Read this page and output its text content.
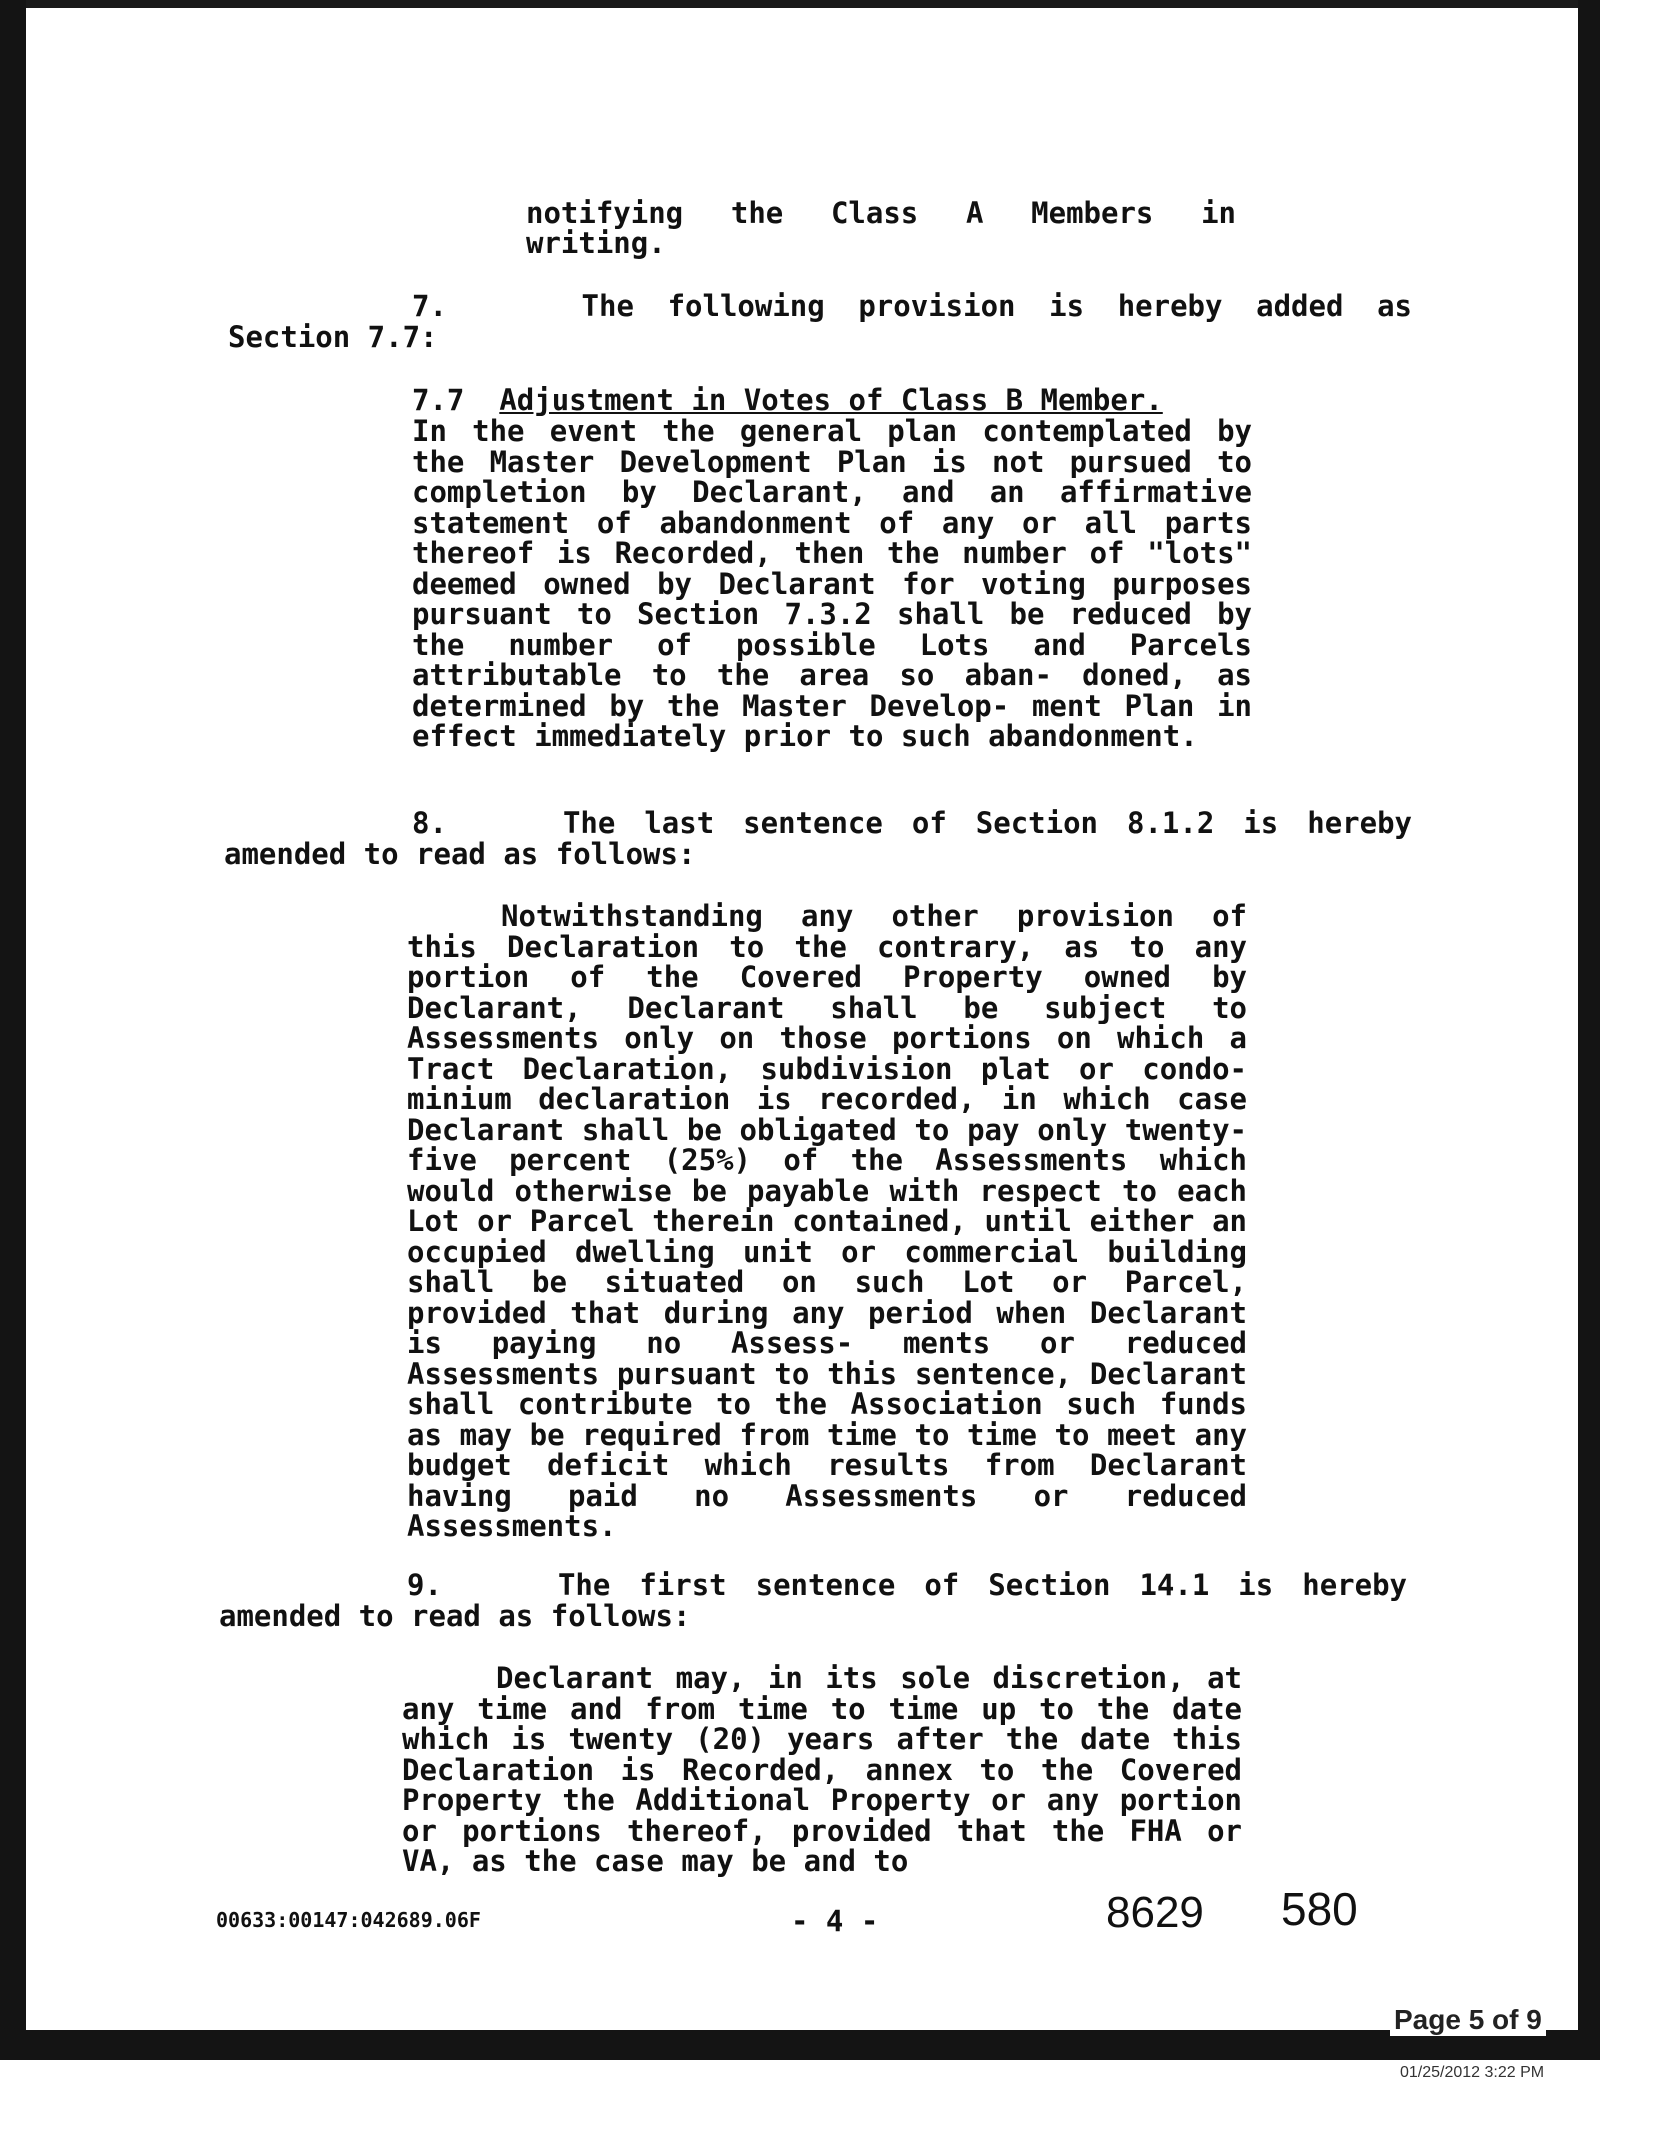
notifying the Class A Members in
writing.
7.    The following provision is hereby added as
Section 7.7:
7.7 Adjustment in Votes of Class B Member.
In the event the general plan contemplated by the Master Development Plan is not pursued to completion by Declarant, and an affirmative statement of abandonment of any or all parts thereof is Recorded, then the number of "lots" deemed owned by Declarant for voting purposes pursuant to Section 7.3.2 shall be reduced by the number of possible Lots and Parcels attributable to the area so aban- doned, as determined by the Master Develop- ment Plan in effect immediately prior to such abandonment.
8.    The last sentence of Section 8.1.2 is hereby
amended to read as follows:
Notwithstanding any other provision of this Declaration to the contrary, as to any portion of the Covered Property owned by Declarant, Declarant shall be subject to Assessments only on those portions on which a Tract Declaration, subdivision plat or condo- minium declaration is recorded, in which case Declarant shall be obligated to pay only twenty-five percent (25%) of the Assessments which would otherwise be payable with respect to each Lot or Parcel therein contained, until either an occupied dwelling unit or commercial building shall be situated on such Lot or Parcel, provided that during any period when Declarant is paying no Assess- ments or reduced Assessments pursuant to this sentence, Declarant shall contribute to the Association such funds as may be required from time to time to meet any budget deficit which results from Declarant having paid no Assessments or reduced Assessments.
9.    The first sentence of Section 14.1 is hereby
amended to read as follows:
Declarant may, in its sole discretion, at any time and from time to time up to the date which is twenty (20) years after the date this Declaration is Recorded, annex to the Covered Property the Additional Property or any portion or portions thereof, provided that the FHA or VA, as the case may be and to
00633:00147:042689.06F	- 4 -	8629 580
Page 5 of 9
01/25/2012 3:22 PM
